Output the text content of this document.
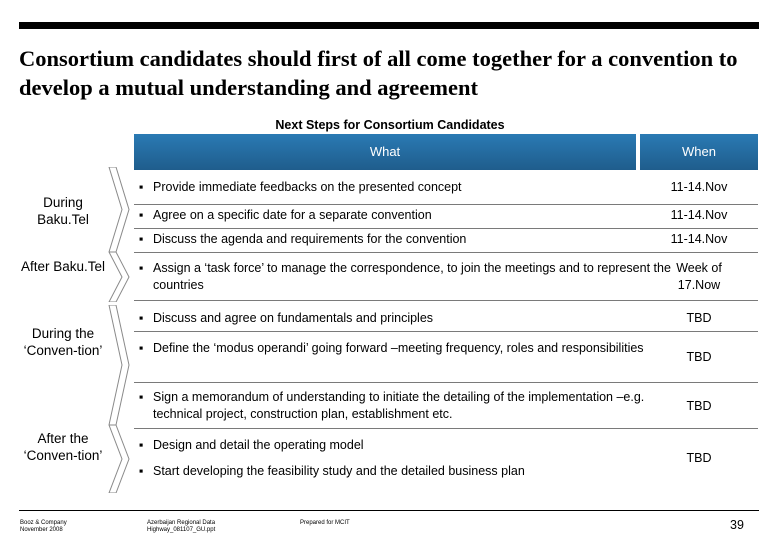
Consortium candidates should first of all come together for a convention to develop a mutual understanding and agreement
Next Steps for Consortium Candidates
What	When
During Baku.Tel
After Baku.Tel
During the ‘Conven-tion’
After the ‘Conven-tion’
▪ Provide immediate feedbacks on the presented concept
▪ Agree on a specific date for a separate convention
▪ Discuss the agenda and requirements for the convention
▪ Assign a ‘task force’ to manage the correspondence, to join the meetings and to represent the countries
▪ Discuss and agree on fundamentals and principles
▪ Define the ‘modus operandi’ going forward –meeting frequency, roles and responsibilities
▪ Sign a memorandum of understanding to initiate the detailing of the implementation –e.g. technical project, construction plan, establishment etc.
▪ Design and detail the operating model
▪ Start developing the feasibility study and the detailed business plan
11-14.Nov
11-14.Nov
11-14.Nov
Week of 17.Now
TBD
TBD
TBD
TBD
Booz & Company
November 2008
Azerbaijan Regional Data
Highway_081107_GU.ppt
Prepared for MCIT	39
